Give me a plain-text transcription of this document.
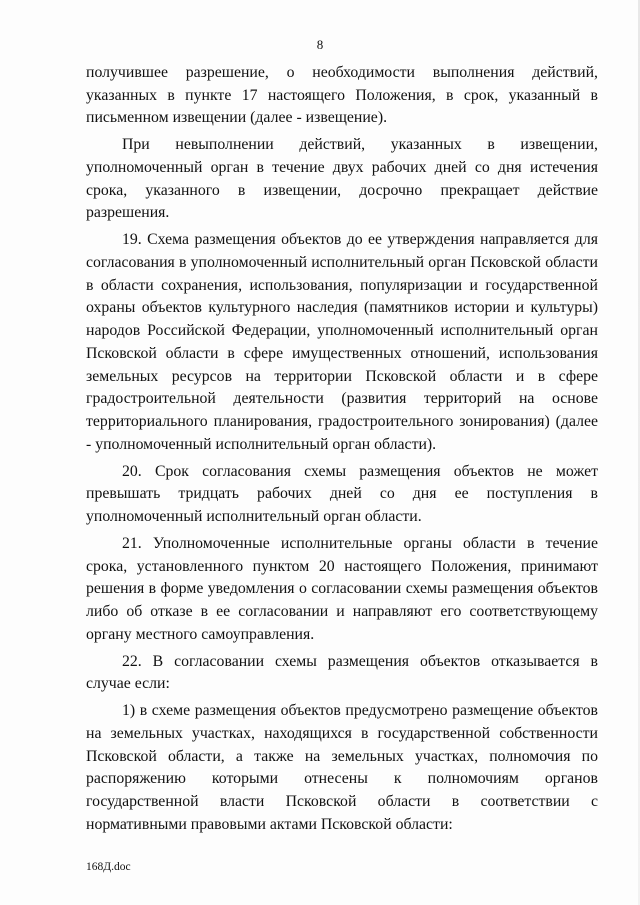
8

получившее разрешение, о необходимости выполнения действий, указанных в пункте 17 настоящего Положения, в срок, указанный в письменном извещении (далее - извещение).

При невыполнении действий, указанных в извещении, уполномоченный орган в течение двух рабочих дней со дня истечения срока, указанного в извещении, досрочно прекращает действие разрешения.

19. Схема размещения объектов до ее утверждения направляется для согласования в уполномоченный исполнительный орган Псковской области в области сохранения, использования, популяризации и государственной охраны объектов культурного наследия (памятников истории и культуры) народов Российской Федерации, уполномоченный исполнительный орган Псковской области в сфере имущественных отношений, использования земельных ресурсов на территории Псковской области и в сфере градостроительной деятельности (развития территорий на основе территориального планирования, градостроительного зонирования) (далее - уполномоченный исполнительный орган области).

20. Срок согласования схемы размещения объектов не может превышать тридцать рабочих дней со дня ее поступления в уполномоченный исполнительный орган области.

21. Уполномоченные исполнительные органы области в течение срока, установленного пунктом 20 настоящего Положения, принимают решения в форме уведомления о согласовании схемы размещения объектов либо об отказе в ее согласовании и направляют его соответствующему органу местного самоуправления.

22. В согласовании схемы размещения объектов отказывается в случае если:

1) в схеме размещения объектов предусмотрено размещение объектов на земельных участках, находящихся в государственной собственности Псковской области, а также на земельных участках, полномочия по распоряжению которыми отнесены к полномочиям органов государственной власти Псковской области в соответствии с нормативными правовыми актами Псковской области:

168Д.doc
